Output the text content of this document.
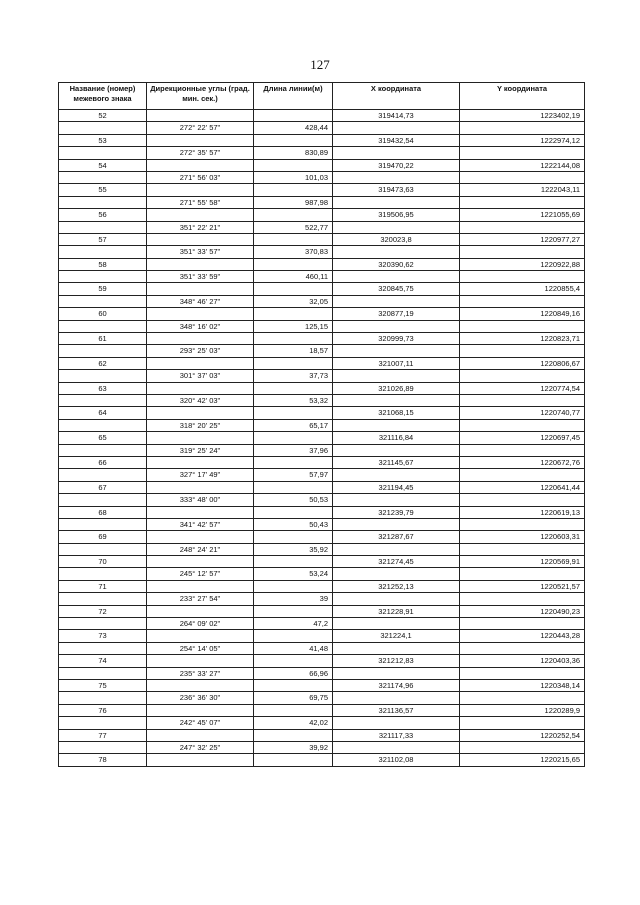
127
Название (номер) межевого знака	Дирекционные углы (град. мин. сек.)	Длина линии(м)	X координата	Y координата
52			319414,73	1223402,19
	272° 22' 57"	428,44		
53			319432,54	1222974,12
	272° 35' 57"	830,89		
54			319470,22	1222144,08
	271° 56' 03"	101,03		
55			319473,63	1222043,11
	271° 55' 58"	987,98		
56			319506,95	1221055,69
	351° 22' 21"	522,77		
57			320023,8	1220977,27
	351° 33' 57"	370,83		
58			320390,62	1220922,88
	351° 33' 59"	460,11		
59			320845,75	1220855,4
	348° 46' 27"	32,05		
60			320877,19	1220849,16
	348° 16' 02"	125,15		
61			320999,73	1220823,71
	293° 25' 03"	18,57		
62			321007,11	1220806,67
	301° 37' 03"	37,73		
63			321026,89	1220774,54
	320° 42' 03"	53,32		
64			321068,15	1220740,77
	318° 20' 25"	65,17		
65			321116,84	1220697,45
	319° 25' 24"	37,96		
66			321145,67	1220672,76
	327° 17' 49"	57,97		
67			321194,45	1220641,44
	333° 48' 00"	50,53		
68			321239,79	1220619,13
	341° 42' 57"	50,43		
69			321287,67	1220603,31
	248° 24' 21"	35,92		
70			321274,45	1220569,91
	245° 12' 57"	53,24		
71			321252,13	1220521,57
	233° 27' 54"	39		
72			321228,91	1220490,23
	264° 09' 02"	47,2		
73			321224,1	1220443,28
	254° 14' 05"	41,48		
74			321212,83	1220403,36
	235° 33' 27"	66,96		
75			321174,96	1220348,14
	236° 36' 30"	69,75		
76			321136,57	1220289,9
	242° 45' 07"	42,02		
77			321117,33	1220252,54
	247° 32' 25"	39,92		
78			321102,08	1220215,65
